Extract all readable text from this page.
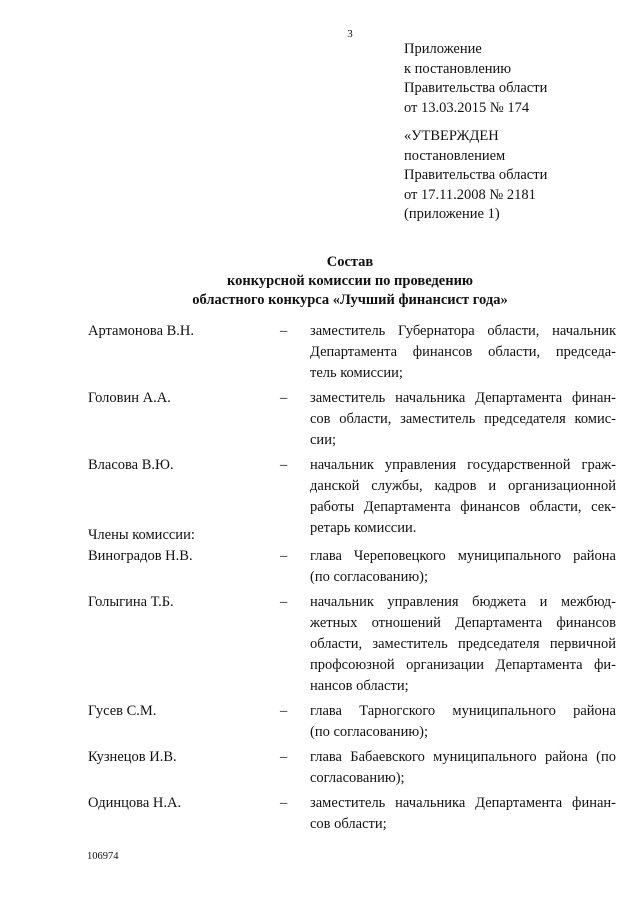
3
Приложение
к постановлению
Правительства области
от 13.03.2015 № 174
«УТВЕРЖДЕН
постановлением
Правительства области
от 17.11.2008 № 2181
(приложение 1)
Состав
конкурсной комиссии по проведению
областного конкурса «Лучший финансист года»
Артамонова В.Н.	– заместитель Губернатора области, начальник
Департамента финансов области, председа-
тель комиссии;
Головин А.А.	– заместитель начальника Департамента финан-
сов области, заместитель председателя комис-
сии;
Власова В.Ю.	– начальник управления государственной граж-
данской службы, кадров и организационной
работы Департамента финансов области, сек-
ретарь комиссии.
Члены комиссии:
Виноградов Н.В.	– глава Череповецкого муниципального района
(по согласованию);
Голыгина Т.Б.	– начальник управления бюджета и межбюд-
жетных отношений Департамента финансов
области, заместитель председателя первичной
профсоюзной организации Департамента фи-
нансов области;
Гусев С.М.	– глава Тарногского муниципального района
(по согласованию);
Кузнецов И.В.	– глава Бабаевского муниципального района (по
согласованию);
Одинцова Н.А.	– заместитель начальника Департамента финан-
сов области;
106974
